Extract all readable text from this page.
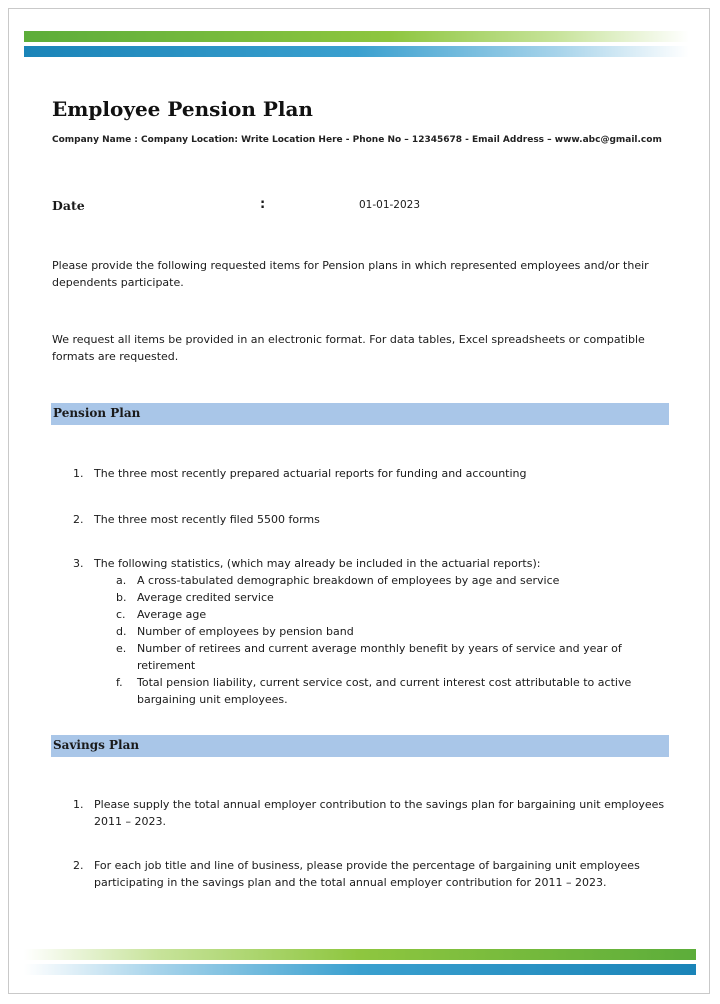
Employee Pension Plan
Company Name : Company Location: Write Location Here - Phone No – 12345678 - Email Address – www.abc@gmail.com
Date	:	01-01-2023
Please provide the following requested items for Pension plans in which represented employees and/or their dependents participate.
We request all items be provided in an electronic format. For data tables, Excel spreadsheets or compatible formats are requested.
Pension Plan
1. The three most recently prepared actuarial reports for funding and accounting
2. The three most recently filed 5500 forms
3. The following statistics, (which may already be included in the actuarial reports):
a. A cross-tabulated demographic breakdown of employees by age and service
b. Average credited service
c. Average age
d. Number of employees by pension band
e. Number of retirees and current average monthly benefit by years of service and year of retirement
f. Total pension liability, current service cost, and current interest cost attributable to active bargaining unit employees.
Savings Plan
1. Please supply the total annual employer contribution to the savings plan for bargaining unit employees 2011 – 2023.
2. For each job title and line of business, please provide the percentage of bargaining unit employees participating in the savings plan and the total annual employer contribution for 2011 – 2023.
